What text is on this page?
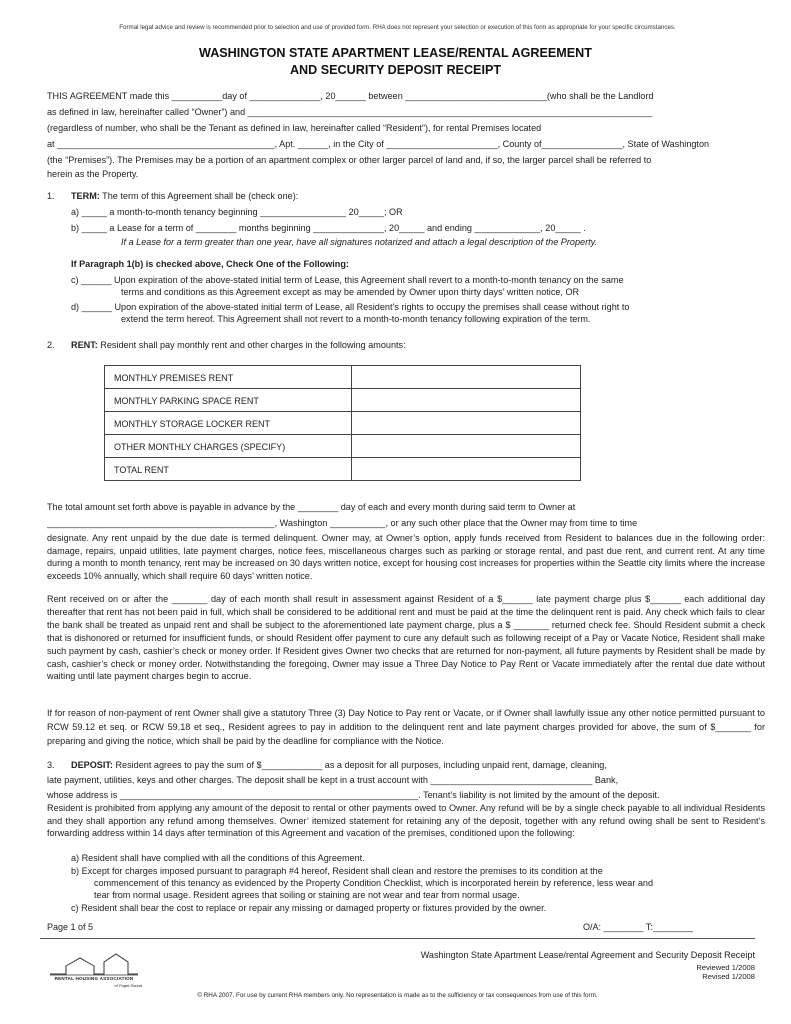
Formal legal advice and review is recommended prior to selection and use of provided form. RHA does not represent your selection or execution of this form as appropriate for your specific circumstances.
WASHINGTON STATE APARTMENT LEASE/RENTAL AGREEMENT
AND SECURITY DEPOSIT RECEIPT
THIS AGREEMENT made this __________day of ______________, 20______ between ____________________________(who shall be the Landlord
as defined in law, hereinafter called “Owner”) and ________________________________________________________________________________
(regardless of number, who shall be the Tenant as defined in law, hereinafter called “Resident”), for rental Premises located
at ___________________________________________, Apt. ______, in the City of ______________________, County of________________, State of Washington
(the “Premises”). The Premises may be a portion of an apartment complex or other larger parcel of land and, if so, the larger parcel shall be referred to
herein as the Property.
1. TERM: The term of this Agreement shall be (check one):
a) _____ a month-to-month tenancy beginning _________________ 20_____; OR
b) _____ a Lease for a term of ________ months beginning ______________, 20_____ and ending _____________, 20_____ .
If a Lease for a term greater than one year, have all signatures notarized and attach a legal description of the Property.
If Paragraph 1(b) is checked above, Check One of the Following:
c) ______ Upon expiration of the above-stated initial term of Lease, this Agreement shall revert to a month-to-month tenancy on the same
terms and conditions as this Agreement except as may be amended by Owner upon thirty days’ written notice, OR
d) ______ Upon expiration of the above-stated initial term of Lease, all Resident’s rights to occupy the premises shall cease without right to
extend the term hereof. This Agreement shall not revert to a month-to-month tenancy following expiration of the term.
2. RENT: Resident shall pay monthly rent and other charges in the following amounts:
MONTHLY PREMISES RENT	
MONTHLY PARKING SPACE RENT	
MONTHLY STORAGE LOCKER RENT	
OTHER MONTHLY CHARGES (SPECIFY)	
TOTAL RENT	
The total amount set forth above is payable in advance by the ________ day of each and every month during said term to Owner at
_____________________________________________, Washington ___________, or any such other place that the Owner may from time to time
designate. Any rent unpaid by the due date is termed delinquent. Owner may, at Owner’s option, apply funds received from Resident to balances due in the following order: damage, repairs, unpaid utilities, late payment charges, notice fees, miscellaneous charges such as parking or storage rental, and past due rent, and current rent. At any time during a month to month tenancy, rent may be increased on 30 days written notice, except for housing cost increases for properties within the Seattle city limits where the increase exceeds 10% annually, which shall require 60 days’ written notice.
Rent received on or after the _______ day of each month shall result in assessment against Resident of a $______ late payment charge plus $______ each additional day thereafter that rent has not been paid in full, which shall be considered to be additional rent and must be paid at the time the delinquent rent is paid. Any check which fails to clear the bank shall be treated as unpaid rent and shall be subject to the aforementioned late payment charge, plus a $ _______ returned check fee. Should Resident submit a check that is dishonored or returned for insufficient funds, or should Resident offer payment to cure any default such as following receipt of a Pay or Vacate Notice, Resident shall make such payment by cash, cashier’s check or money order. If Resident gives Owner two checks that are returned for non-payment, all future payments by Resident shall be made by cash, cashier’s check or money order. Notwithstanding the foregoing, Owner may issue a Three Day Notice to Pay Rent or Vacate immediately after the rental due date without waiting until late payment charges begin to accrue.
If for reason of non-payment of rent Owner shall give a statutory Three (3) Day Notice to Pay rent or Vacate, or if Owner shall lawfully issue any other notice permitted pursuant to RCW 59.12 et seq. or RCW 59.18 et seq., Resident agrees to pay in addition to the delinquent rent and late payment charges provided for above, the sum of $_______ for preparing and giving the notice, which shall be paid by the deadline for compliance with the Notice.
3. DEPOSIT: Resident agrees to pay the sum of $____________ as a deposit for all purposes, including unpaid rent, damage, cleaning,
late payment, utilities, keys and other charges. The deposit shall be kept in a trust account with ________________________________ Bank,
whose address is ___________________________________________________________. Tenant’s liability is not limited by the amount of the deposit.
Resident is prohibited from applying any amount of the deposit to rental or other payments owed to Owner. Any refund will be by a single check payable to all individual Residents and they shall apportion any refund among themselves. Owner’ itemized statement for retaining any of the deposit, together with any refund owing shall be sent to Resident’s forwarding address within 14 days after termination of this Agreement and vacation of the premises, conditioned upon the following:
a) Resident shall have complied with all the conditions of this Agreement.
b) Except for charges imposed pursuant to paragraph #4 hereof, Resident shall clean and restore the premises to its condition at the
commencement of this tenancy as evidenced by the Property Condition Checklist, which is incorporated herein by reference, less wear and
tear from normal usage. Resident agrees that soiling or staining are not wear and tear from normal usage.
c) Resident shall bear the cost to replace or repair any missing or damaged property or fixtures provided by the owner.
Page 1 of 5	O/A: ________ T:________
RENTAL HOUSING ASSOCIATION
of Puget Sound
Washington State Apartment Lease/rental Agreement and Security Deposit Receipt
Reviewed 1/2008
Revised 1/2008
© RHA 2007. For use by current RHA members only. No representation is made as to the sufficiency or tax consequences from use of this form.
